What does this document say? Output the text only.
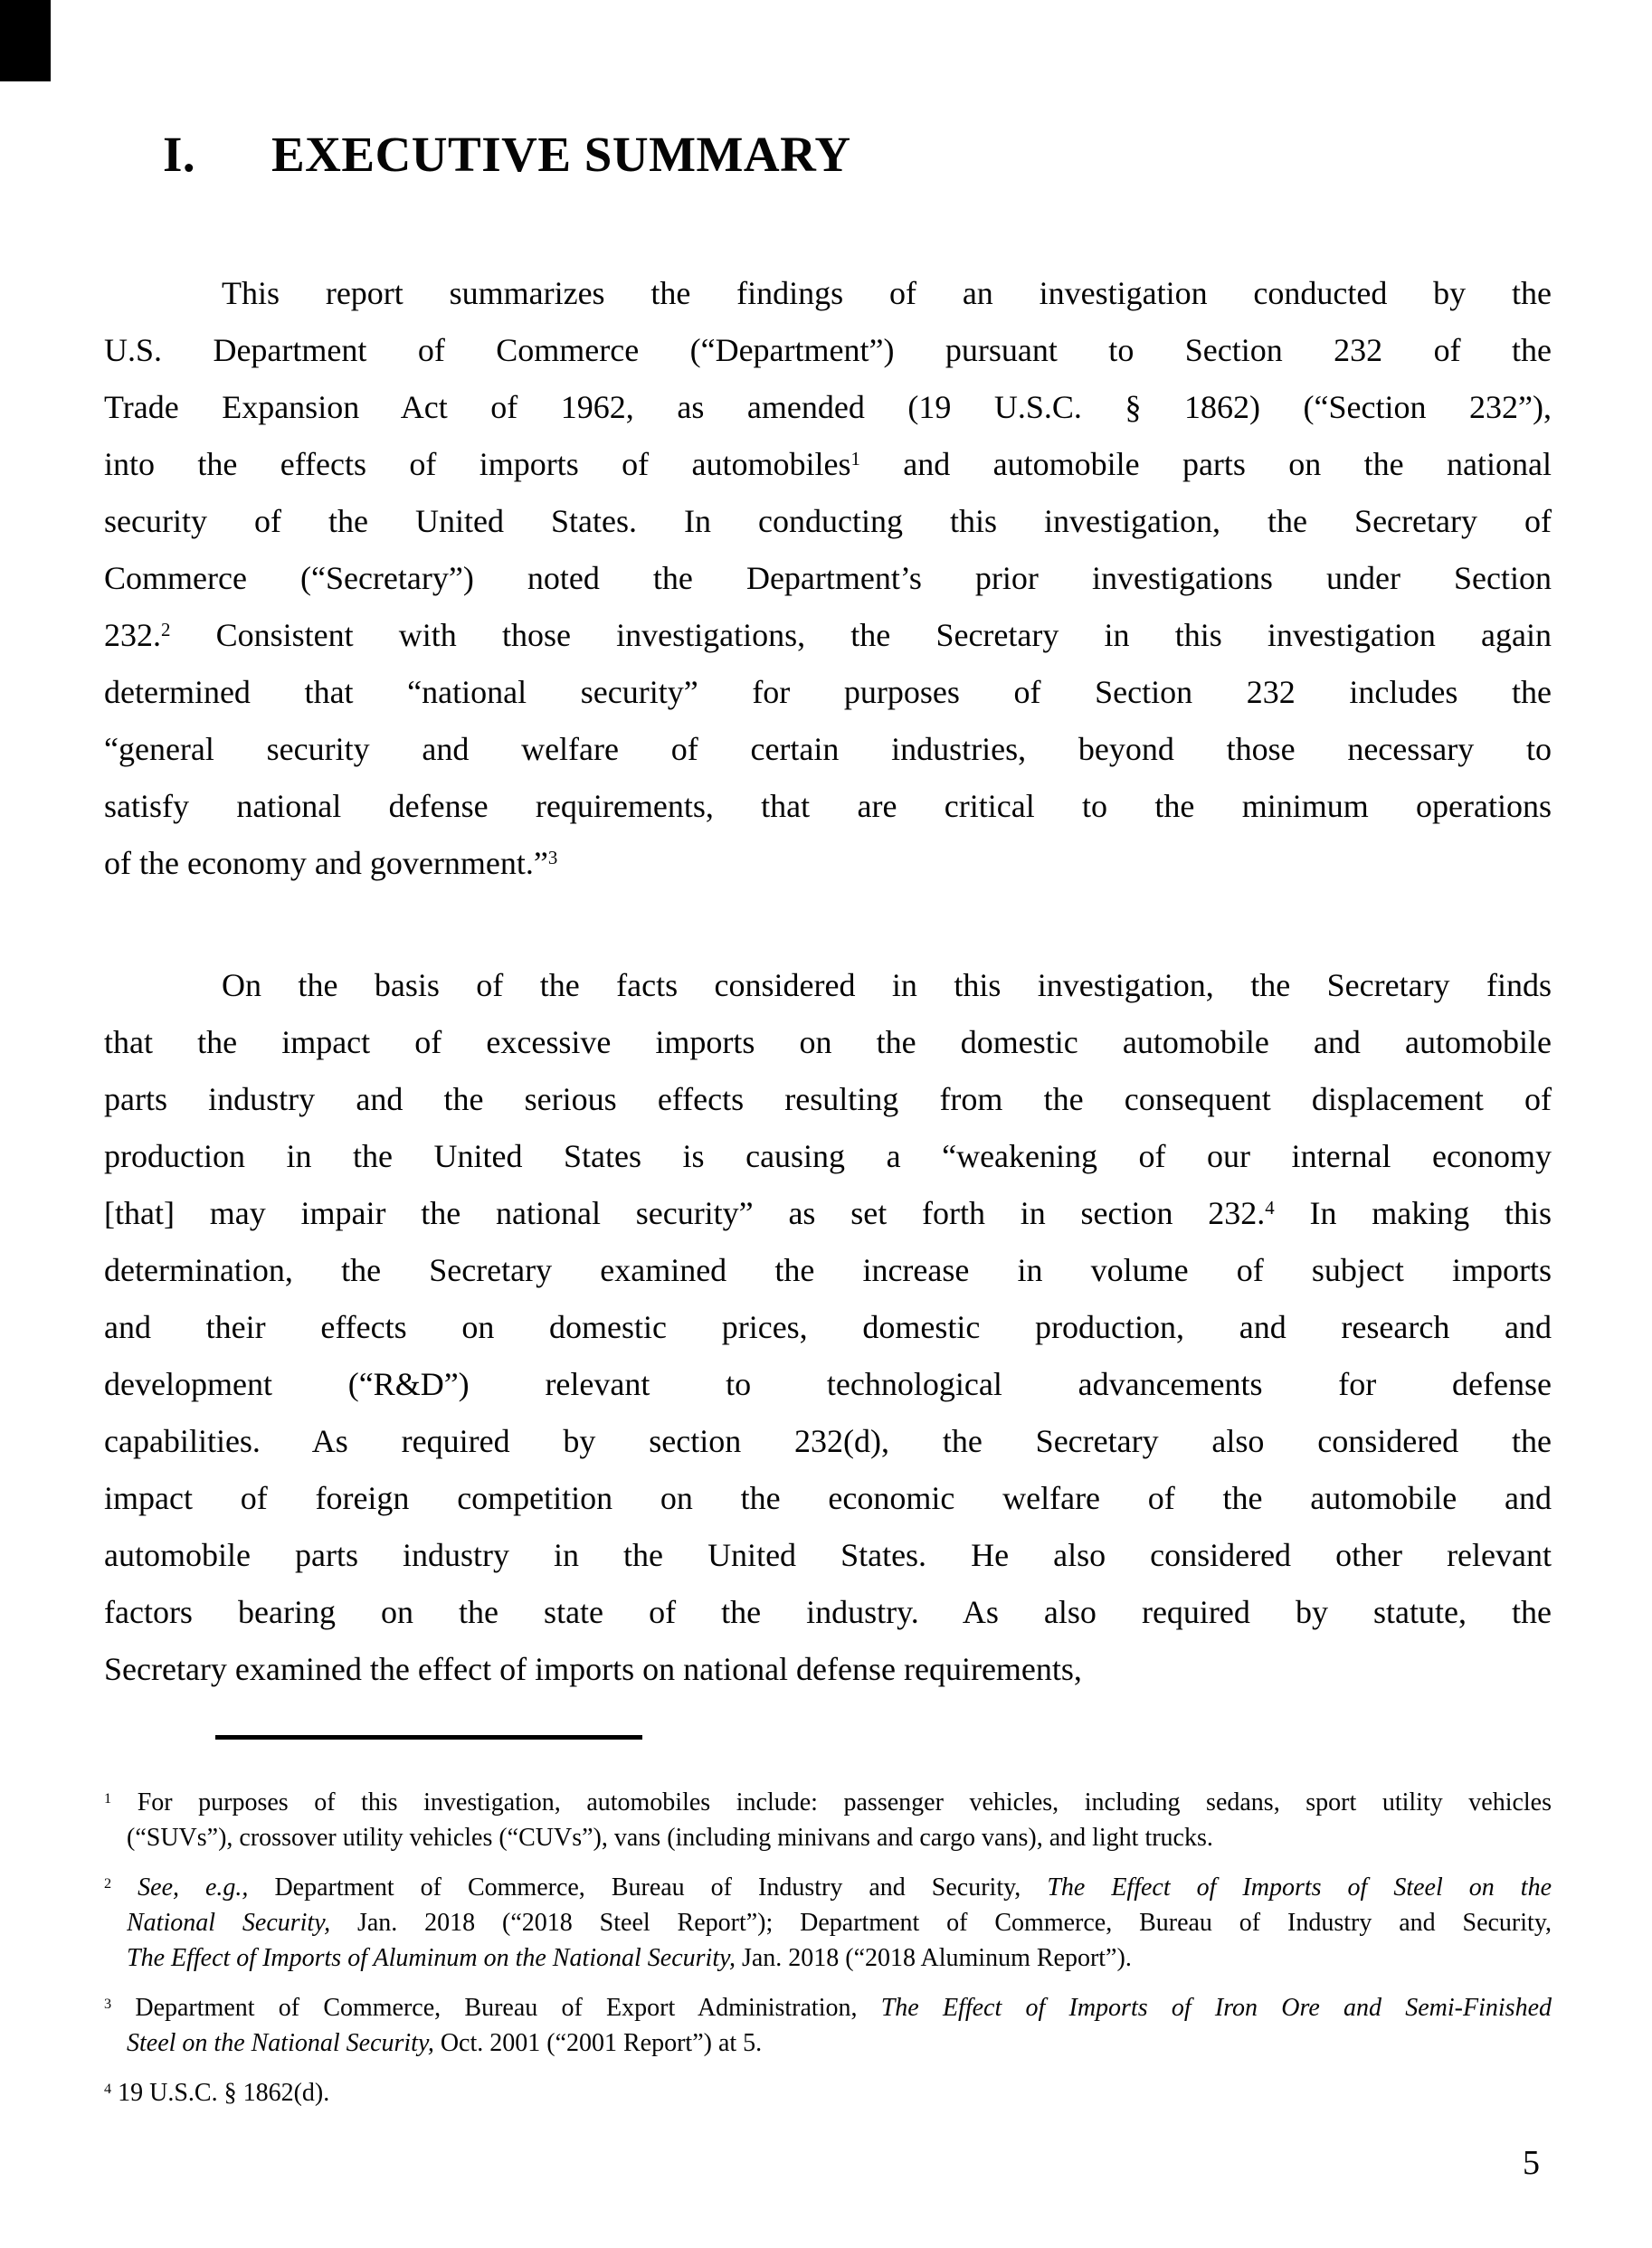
I. EXECUTIVE SUMMARY
This report summarizes the findings of an investigation conducted by the
U.S. Department of Commerce (“Department”) pursuant to Section 232 of the
Trade Expansion Act of 1962, as amended (19 U.S.C. § 1862) (“Section 232”),
into the effects of imports of automobiles$^1$ and automobile parts on the national
security of the United States. In conducting this investigation, the Secretary of
Commerce (“Secretary”) noted the Department’s prior investigations under Section
232.$^2$ Consistent with those investigations, the Secretary in this investigation again
determined that “national security” for purposes of Section 232 includes the
“general security and welfare of certain industries, beyond those necessary to
satisfy national defense requirements, that are critical to the minimum operations
of the economy and government.”$^3$
On the basis of the facts considered in this investigation, the Secretary finds
that the impact of excessive imports on the domestic automobile and automobile
parts industry and the serious effects resulting from the consequent displacement of
production in the United States is causing a “weakening of our internal economy
[that] may impair the national security” as set forth in section 232.$^4$ In making this
determination, the Secretary examined the increase in volume of subject imports
and their effects on domestic prices, domestic production, and research and
development (“R&D”) relevant to technological advancements for defense
capabilities. As required by section 232(d), the Secretary also considered the
impact of foreign competition on the economic welfare of the automobile and
automobile parts industry in the United States. He also considered other relevant
factors bearing on the state of the industry. As also required by statute, the
Secretary examined the effect of imports on national defense requirements,
$^1$ For purposes of this investigation, automobiles include: passenger vehicles, including sedans, sport utility vehicles
(“SUVs”), crossover utility vehicles (“CUVs”), vans (including minivans and cargo vans), and light trucks.
$^2$ See, e.g., Department of Commerce, Bureau of Industry and Security, The Effect of Imports of Steel on the
National Security, Jan. 2018 (“2018 Steel Report”); Department of Commerce, Bureau of Industry and Security,
The Effect of Imports of Aluminum on the National Security, Jan. 2018 (“2018 Aluminum Report”).
$^3$ Department of Commerce, Bureau of Export Administration, The Effect of Imports of Iron Ore and Semi-Finished
Steel on the National Security, Oct. 2001 (“2001 Report”) at 5.
$^4$ 19 U.S.C. § 1862(d).
5
